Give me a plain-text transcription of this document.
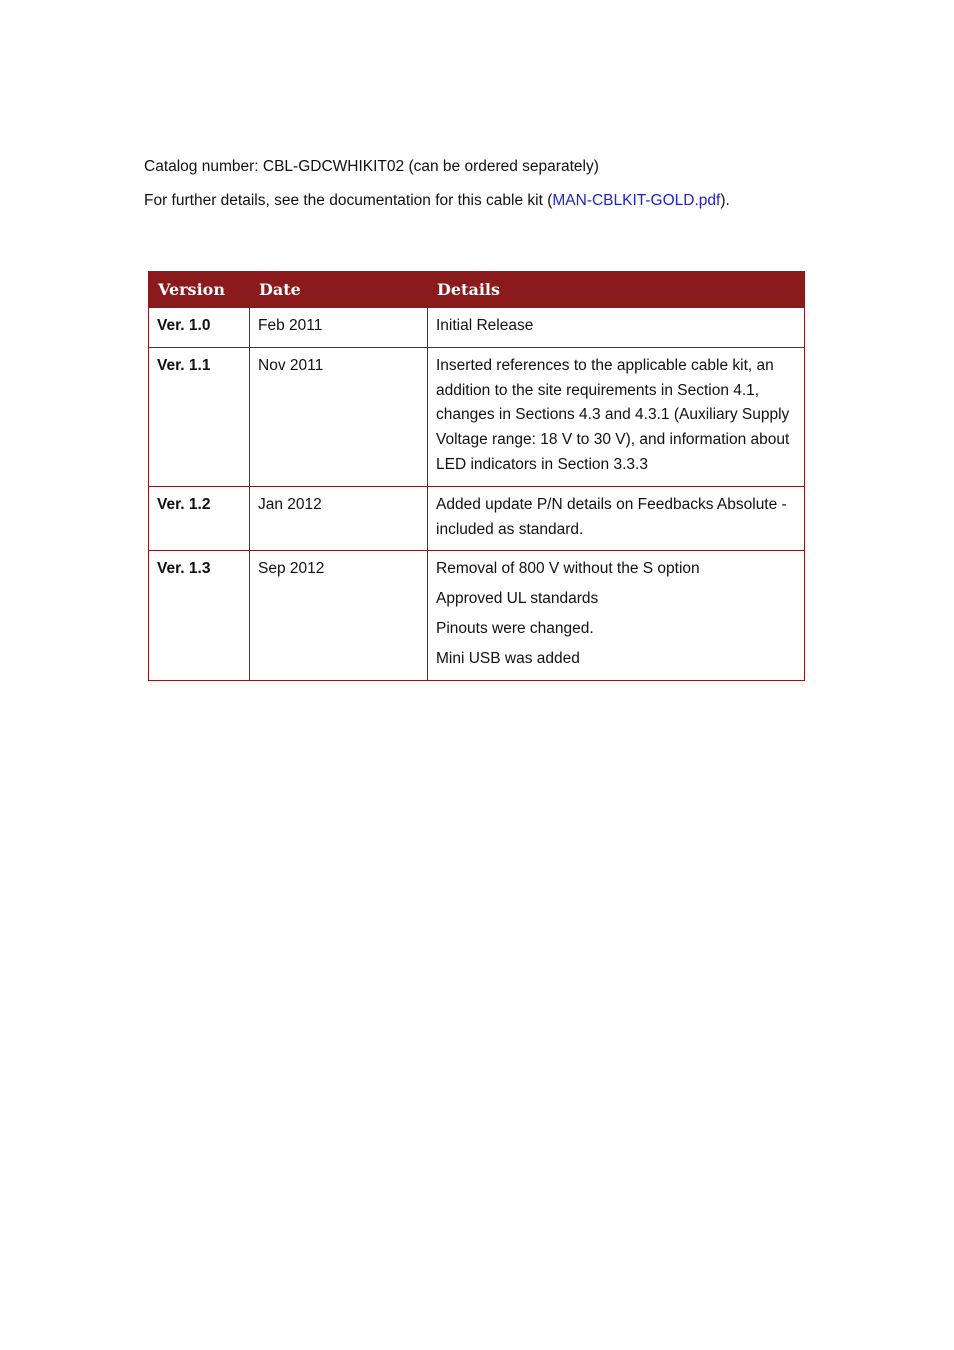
Catalog number: CBL-GDCWHIKIT02 (can be ordered separately)
For further details, see the documentation for this cable kit (MAN-CBLKIT-GOLD.pdf).
Version	Date	Details
Ver. 1.0	Feb 2011	Initial Release

Ver. 1.1	Nov 2011	Inserted references to the applicable cable kit, an addition to the site requirements in Section 4.1, changes in Sections 4.3 and 4.3.1 (Auxiliary Supply Voltage range: 18 V to 30 V), and information about LED indicators in Section 3.3.3

Ver. 1.2	Jan 2012	Added update P/N details on Feedbacks Absolute - included as standard.

Ver. 1.3	Sep 2012	Removal of 800 V without the S option
Approved UL standards
Pinouts were changed.
Mini USB was added
